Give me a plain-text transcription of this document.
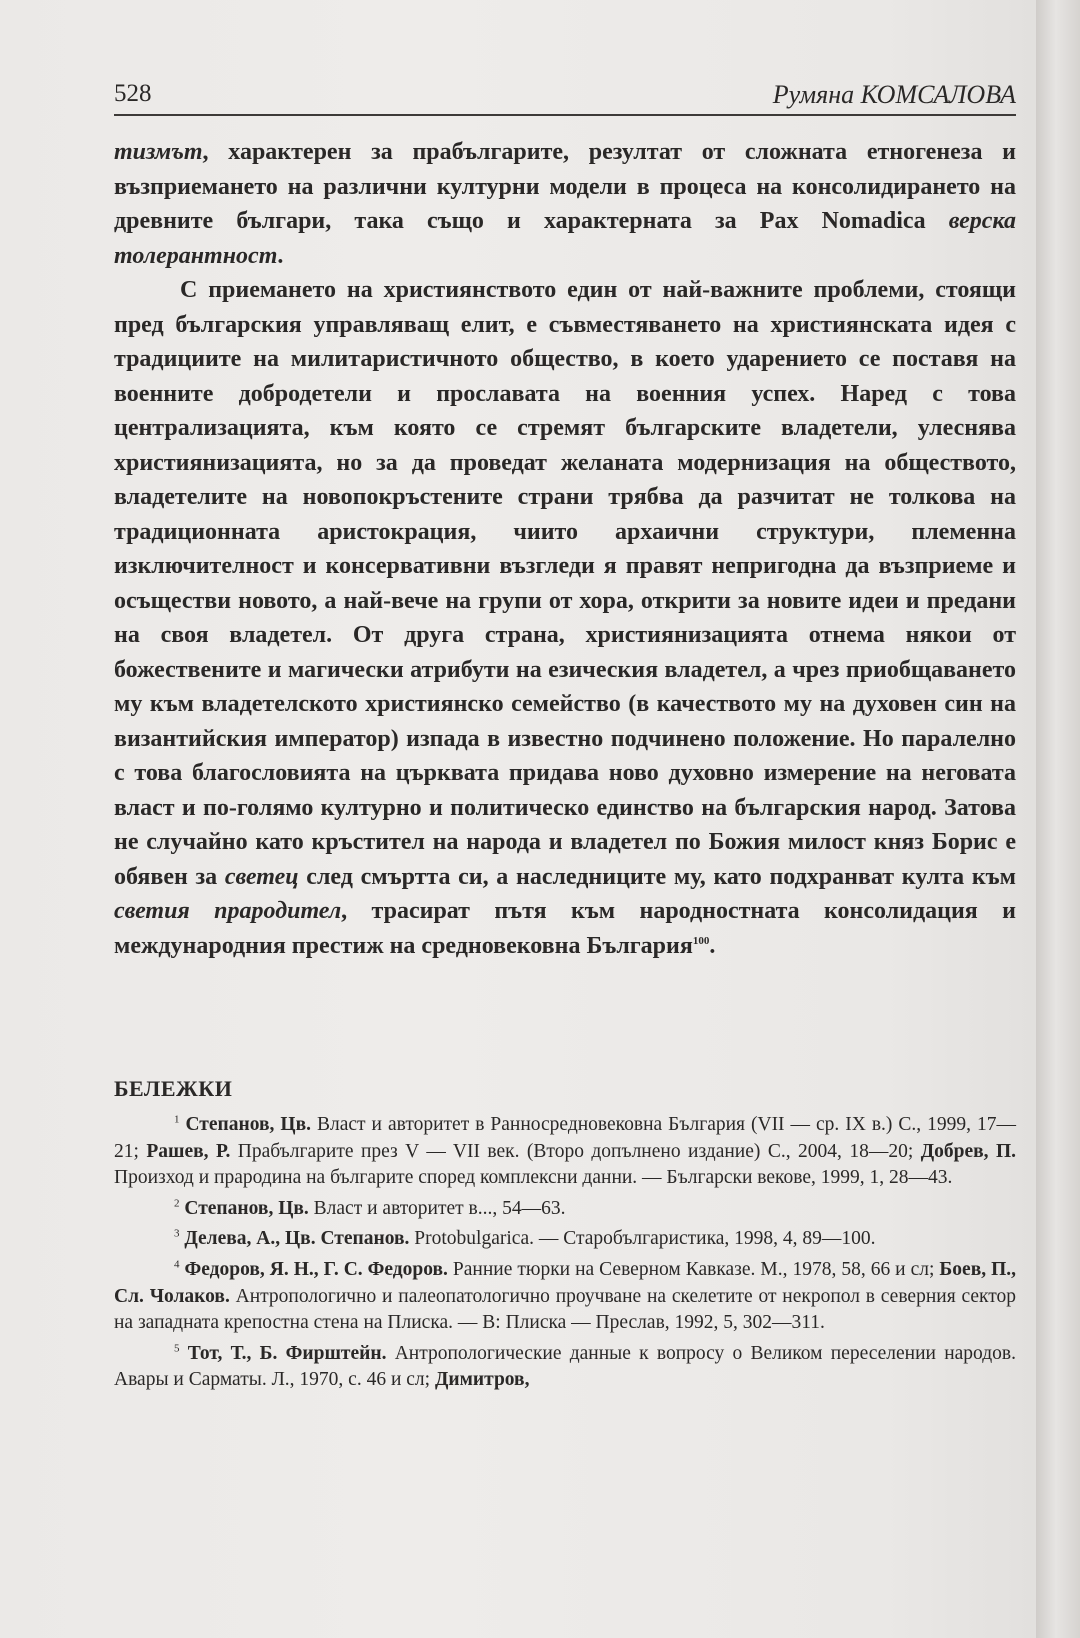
528	Румяна КОМСАЛОВА

тизмът, характерен за прабългарите, резултат от сложната етногенеза и възприемането на различни културни модели в процеса на консолидирането на древните българи, така също и характерната за Pax Nomadica верска толерантност.

С приемането на християнството един от най-важните проблеми, стоящи пред българския управляващ елит, е съвместяването на християнската идея с традициите на милитаристичното общество, в което ударението се поставя на военните добродетели и прославата на военния успех. Наред с това централизацията, към която се стремят българските владетели, улеснява християнизацията, но за да проведат желаната модернизация на обществото, владетелите на новопокръстените страни трябва да разчитат не толкова на традиционната аристокрация, чиито архаични структури, племенна изключителност и консервативни възгледи я правят непригодна да възприеме и осъществи новото, а най-вече на групи от хора, открити за новите идеи и предани на своя владетел. От друга страна, християнизацията отнема някои от божествените и магически атрибути на езическия владетел, а чрез приобщаването му към владетелското християнско семейство (в качеството му на духовен син на византийския император) изпада в известно подчинено положение. Но паралелно с това благословията на църквата придава ново духовно измерение на неговата власт и по-голямо културно и политическо единство на българския народ. Затова не случайно като кръстител на народа и владетел по Божия милост княз Борис е обявен за светец след смъртта си, а наследниците му, като подхранват култа към светия прародител, трасират пътя към народностната консолидация и международния престиж на средновековна България$^{100}$.

БЕЛЕЖКИ

$^1$ Степанов, Цв. Власт и авторитет в Ранносредновековна България (VII — ср. IX в.) С., 1999, 17—21; Рашев, Р. Прабългарите през V — VII век. (Второ допълнено издание) С., 2004, 18—20; Добрев, П. Произход и прародина на българите според комплексни данни. — Български векове, 1999, 1, 28—43.

$^2$ Степанов, Цв. Власт и авторитет в..., 54—63.

$^3$ Делева, А., Цв. Степанов. Protobulgarica. — Старобългаристика, 1998, 4, 89—100.

$^4$ Федоров, Я. Н., Г. С. Федоров. Ранние тюрки на Северном Кавказе. М., 1978, 58, 66 и сл; Боев, П., Сл. Чолаков. Антропологично и палеопатологично проучване на скелетите от некропол в северния сектор на западната крепостна стена на Плиска. — В: Плиска — Преслав, 1992, 5, 302—311.

$^5$ Тот, Т., Б. Фирштейн. Антропологические данные к вопросу о Великом переселении народов. Авары и Сарматы. Л., 1970, с. 46 и сл; Димитров,
